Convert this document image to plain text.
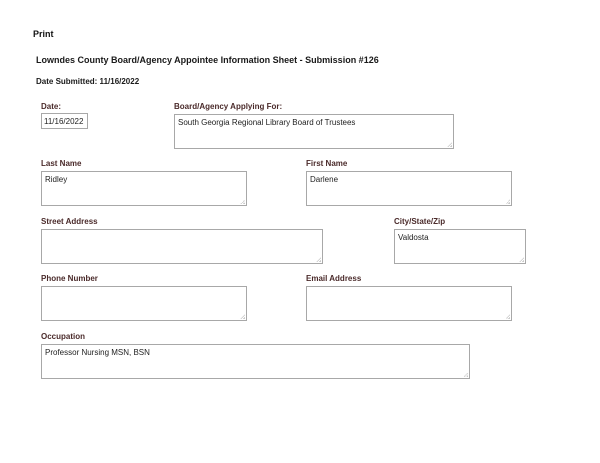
Print
Lowndes County Board/Agency Appointee Information Sheet - Submission #126
Date Submitted: 11/16/2022
Date:
11/16/2022
Board/Agency Applying For:
South Georgia Regional Library Board of Trustees
Last Name
Ridley
First Name
Darlene
Street Address	City/State/Zip
Valdosta
Phone Number	Email Address
Occupation
Professor Nursing MSN, BSN
